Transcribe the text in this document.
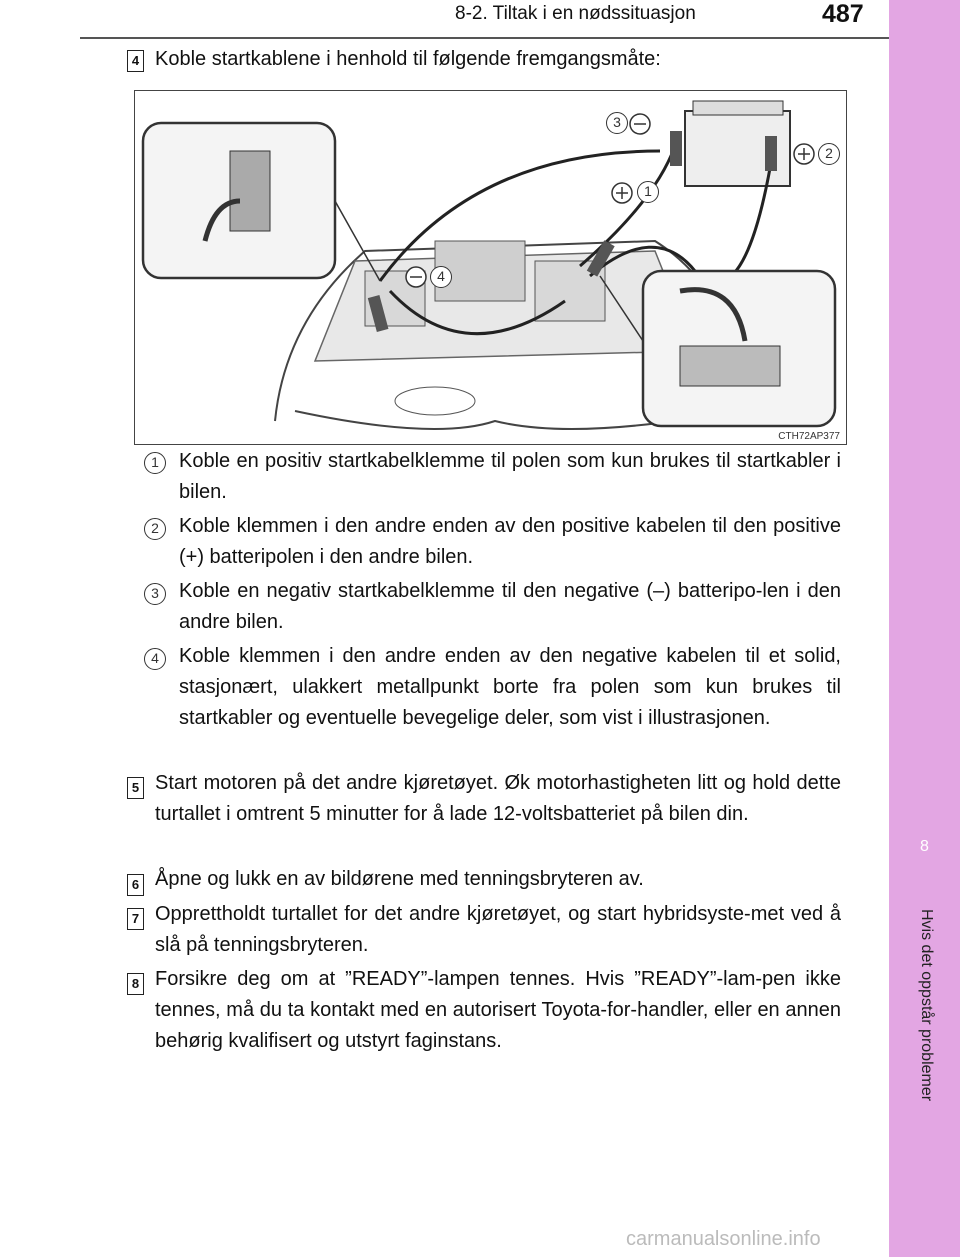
8-2. Tiltak i en nødssituasjon	487
8
Hvis det oppstår problemer
4 Koble startkablene i henhold til følgende fremgangsmåte:
3
2
1
4
CTH72AP377
1	Koble en positiv startkabelklemme til polen som kun brukes til startkabler i bilen.
2	Koble klemmen i den andre enden av den positive kabelen til den positive (+) batteripolen i den andre bilen.
3	Koble en negativ startkabelklemme til den negative (–) batteripo-len i den andre bilen.
4	Koble klemmen i den andre enden av den negative kabelen til et solid, stasjonært, ulakkert metallpunkt borte fra polen som kun brukes til startkabler og eventuelle bevegelige deler, som vist i illustrasjonen.
5 Start motoren på det andre kjøretøyet. Øk motorhastigheten litt og hold dette turtallet i omtrent 5 minutter for å lade 12-voltsbatteriet på bilen din.
6 Åpne og lukk en av bildørene med tenningsbryteren av.
7 Opprettholdt turtallet for det andre kjøretøyet, og start hybridsyste-met ved å slå på tenningsbryteren.
8 Forsikre deg om at ”READY”-lampen tennes. Hvis ”READY”-lam-pen ikke tennes, må du ta kontakt med en autorisert Toyota-for-handler, eller en annen behørig kvalifisert og utstyrt faginstans.
carmanualsonline.info
